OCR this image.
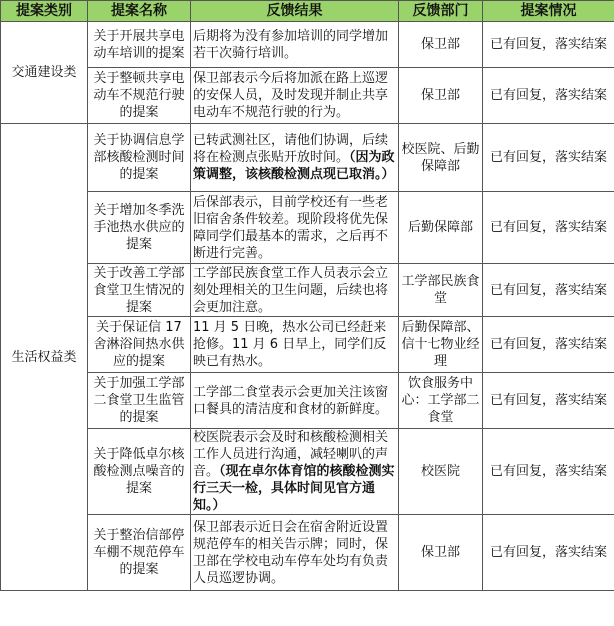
提案类别	提案名称	反馈结果	反馈部门	提案情况
交通建设类	关于开展共享电动车培训的提案	后期将为没有参加培训的同学增加若干次骑行培训。	保卫部	已有回复，落实结案
	关于整顿共享电动车不规范行驶的提案	保卫部表示今后将加派在路上巡逻的安保人员，及时发现并制止共享电动车不规范行驶的行为。	保卫部	已有回复，落实结案
生活权益类	关于协调信息学部核酸检测时间的提案	已转武测社区，请他们协调，后续将在检测点张贴开放时间。（因为政策调整，该核酸检测点现已取消。）	校医院、后勤保障部	已有回复，落实结案
	关于增加冬季洗手池热水供应的提案	后保部表示，目前学校还有一些老旧宿舍条件较差。现阶段将优先保障同学们最基本的需求，之后再不断进行完善。	后勤保障部	已有回复，落实结案
	关于改善工学部食堂卫生情况的提案	工学部民族食堂工作人员表示会立刻处理相关的卫生问题，后续也将会更加注意。	工学部民族食堂	已有回复，落实结案
	关于保证信 17 舍淋浴间热水供应的提案	11 月 5 日晚，热水公司已经赶来抢修。11 月 6 日早上，同学们反映已有热水。	后勤保障部、信十七物业经理	已有回复，落实结案
	关于加强工学部二食堂卫生监管的提案	工学部二食堂表示会更加关注该窗口餐具的清洁度和食材的新鲜度。	饮食服务中心：工学部二食堂	已有回复，落实结案
	关于降低卓尔核酸检测点噪音的提案	校医院表示会及时和核酸检测相关工作人员进行沟通，减轻喇叭的声音。（现在卓尔体育馆的核酸检测实行三天一检，具体时间见官方通知。）	校医院	已有回复，落实结案
	关于整治信部停车棚不规范停车的提案	保卫部表示近日会在宿舍附近设置规范停车的相关告示牌；同时，保卫部在学校电动车停车处均有负责人员巡逻协调。	保卫部	已有回复，落实结案
